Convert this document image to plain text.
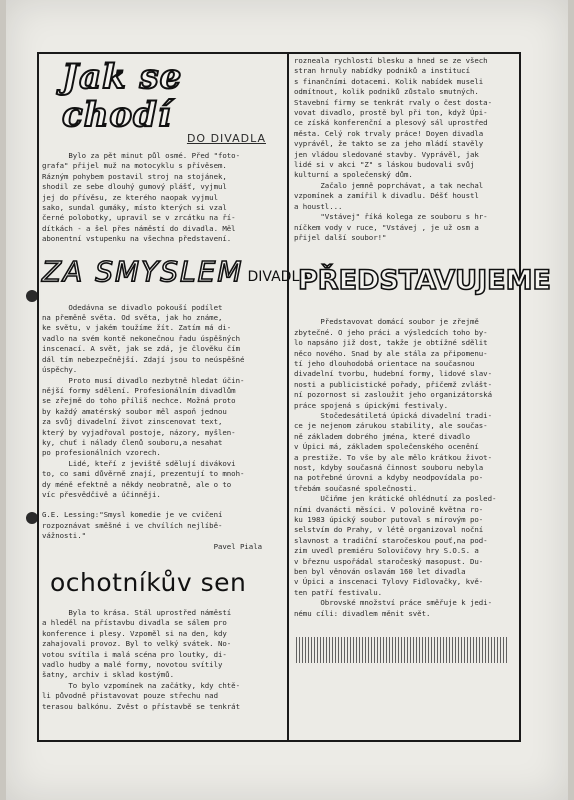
Jak se chodí
DO DIVADLA

Bylo za pět minut půl osmé. Před "foto-

grafa" přijel muž na motocyklu s přívěsem.

Rázným pohybem postavil stroj na stojánek,

shodil ze sebe dlouhý gumový plášť, vyjmul

jej do přívěsu, ze kterého naopak vyjmul

sako, sundal gumáky, místo kterých si vzal

černé polobotky, upravil se v zrcátku na ří-

dítkách - a šel přes náměstí do divadla. Měl

abonentní vstupenku na všechna představení.

ZA SMYSLEM DIVADLA

Odedávna se divadlo pokouší podílet

na přeměně světa. Od světa, jak ho známe,

ke světu, v jakém toužíme žít. Zatím má di-

vadlo na svém kontě nekonečnou řadu úspěšných

inscenací. A svět, jak se zdá, je člověku čím

dál tím nebezpečnější. Zdají jsou to neúspěšné

úspěchy.

Proto musí divadlo nezbytně hledat účin-

nější formy sdělení. Profesionálním divadlům

se zřejmě do toho příliš nechce. Možná proto

by každý amatérský soubor měl aspoň jednou

za svůj divadelní život zinscenovat text,

který by vyjadřoval postoje, názory, myšlen-

ky, chuť i nálady členů souboru,a nesahat

po profesionálních vzorech.

Lidé, kteří z jeviště sdělují divákovi

to, co sami důvěrně znají, prezentují to mnoh-

dy méně efektně a někdy neobratně, ale o to

víc přesvědčivě a účinněji.

G.E. Lessing:"Smysl komedie je ve cvičení

rozpoznávat směšné i ve chvílích nejlíbě-

vážnosti."

Pavel Piala

ochotníkův sen

Byla to krása. Stál uprostřed náměstí

a hleděl na přístavbu divadla se sálem pro

konference i plesy. Vzpoměl si na den, kdy

zahajovali provoz. Byl to velký svátek. No-

votou svítila i malá scéna pro loutky, di-

vadlo hudby a malé formy, novotou svítily

šatny, archiv i sklad kostýmů.

To bylo vzpomínek na začátky, kdy chtě-

li původně přistavovat pouze střechu nad

terasou balkónu. Zvěst o přístavbě se tenkrát

rozneala rychlostí blesku a hned se ze všech

stran hrnuly nabídky podniků a institucí

s finančními dotacemi. Kolik nabídek museli

odmítnout, kolik podniků zůstalo smutných.

Stavební firmy se tenkrát rvaly o čest dosta-

vovat divadlo, prostě byl při ton, když Úpi-

ce získá konferenční a plesový sál uprostřed

města. Celý rok trvaly práce! Doyen divadla

vyprávěl, že takto se za jeho mládí stavěly

jen vládou sledované stavby. Vyprávěl, jak

lidé si v akci "Z" s láskou budovali svůj

kulturní a společenský dům.

Začalo jemně poprchávat, a tak nechal

vzpomínek a zamířil k divadlu. Déšť houstl

a houstl...

"Vstávej" říká kolega ze souboru s hr-

níčkem vody v ruce, "Vstávej , je už osm a

přijel další soubor!"

PŘEDSTAVUJEME

Představovat domácí soubor je zřejmě

zbytečné. O jeho práci a výsledcích toho by-

lo napsáno již dost, takže je obtížné sdělit

něco nového. Snad by ale stála za připomenu-

tí jeho dlouhodobá orientace na současnou

divadelní tvorbu, hudební formy, lidové slav-

nosti a publicistické pořady, přičemž zvlášt-

ní pozornost si zasloužit jeho organizátorská

práce spojená s úpickými festivaly.

Stočedesátiletá úpická divadelní tradi-

ce je nejenom zárukou stability, ale součas-

ně základem dobrého jména, které divadlo

v Úpici má, základem společenského ocenění

a prestiže. To vše by ale mělo krátkou život-

nost, kdyby současná činnost souboru nebyla

na potřebné úrovni a kdyby neodpovídala po-

třebám současné společnosti.

Učiňme jen krátické ohlédnutí za posled-

ními dvanácti měsíci. V polovině května ro-

ku 1983 úpický soubor putoval s mírovým po-

selstvím do Prahy, v létě organizoval noční

slavnost a tradiční staročeskou pouť,na pod-

zim uvedl premiéru Solovičovy hry S.O.S. a

v březnu uspořádal staročeský masopust. Du-

ben byl věnován oslavám 160 let divadla

v Úpici a inscenaci Tylovy Fidlovačky, kvě-

ten patří festivalu.

Obrovské množství práce směřuje k jedi-

nému cíli: divadlem měnit svět.
